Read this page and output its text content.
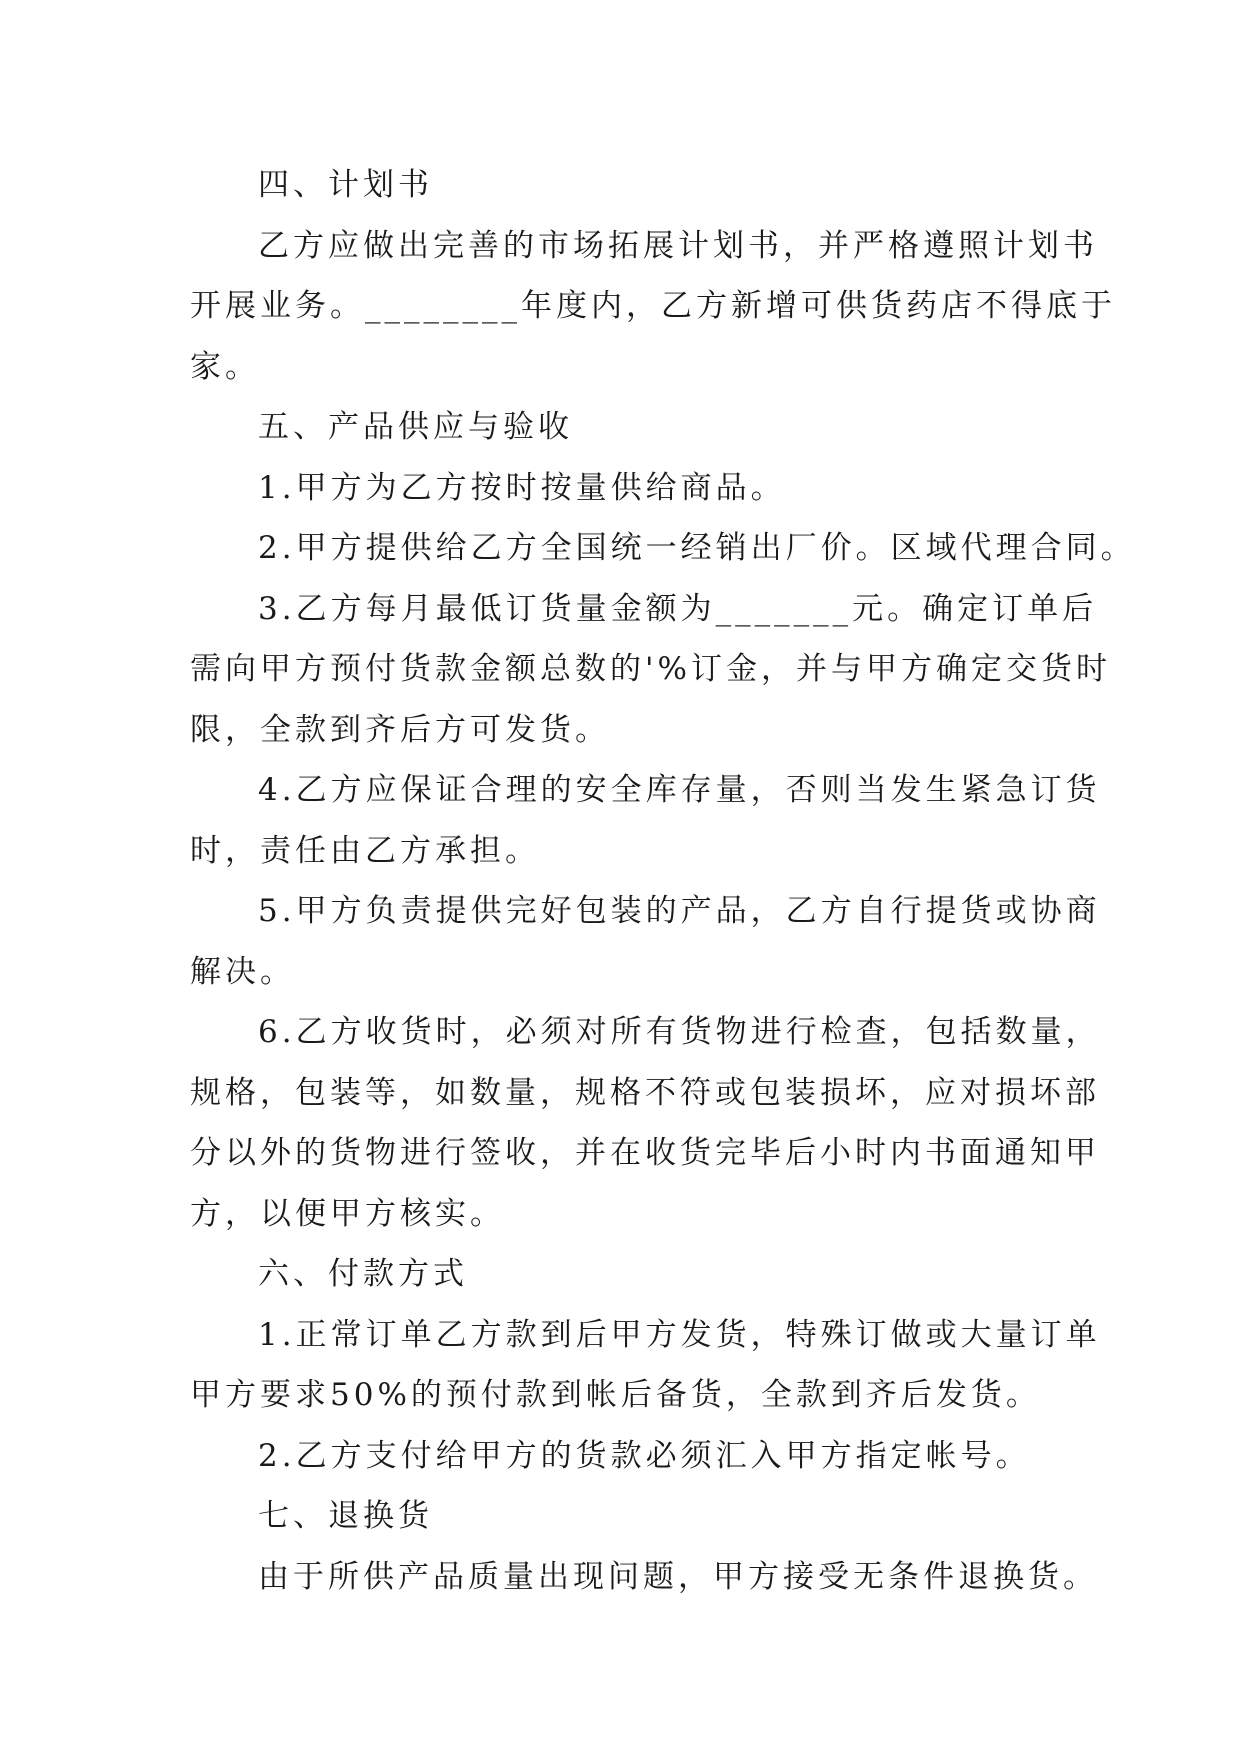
四、计划书
乙方应做出完善的市场拓展计划书，并严格遵照计划书
开展业务。________年度内，乙方新增可供货药店不得底于
家。
五、产品供应与验收
1.甲方为乙方按时按量供给商品。
2.甲方提供给乙方全国统一经销出厂价。区域代理合同。
3.乙方每月最低订货量金额为_______元。确定订单后
需向甲方预付货款金额总数的'%订金，并与甲方确定交货时
限，全款到齐后方可发货。
4.乙方应保证合理的安全库存量，否则当发生紧急订货
时，责任由乙方承担。
5.甲方负责提供完好包装的产品，乙方自行提货或协商
解决。
6.乙方收货时，必须对所有货物进行检查，包括数量，
规格，包装等，如数量，规格不符或包装损坏，应对损坏部
分以外的货物进行签收，并在收货完毕后小时内书面通知甲
方，以便甲方核实。
六、付款方式
1.正常订单乙方款到后甲方发货，特殊订做或大量订单
甲方要求50%的预付款到帐后备货，全款到齐后发货。
2.乙方支付给甲方的货款必须汇入甲方指定帐号。
七、退换货
由于所供产品质量出现问题，甲方接受无条件退换货。
